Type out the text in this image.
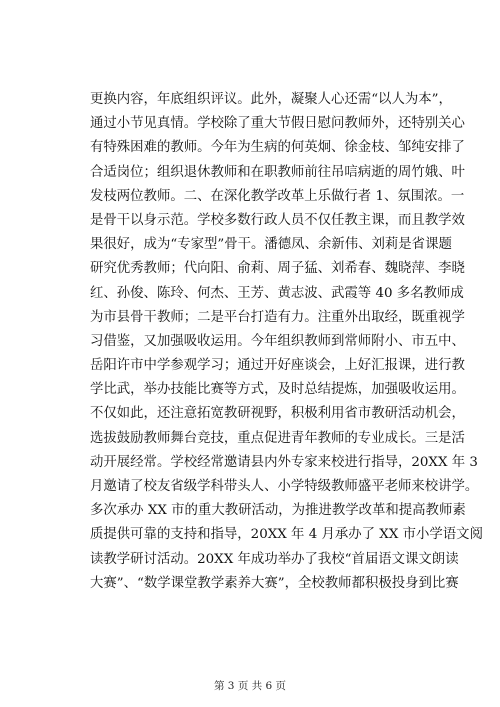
更换内容，年底组织评议。此外，凝聚人心还需“以人为本”，
通过小节见真情。学校除了重大节假日慰问教师外，还特别关心
有特殊困难的教师。今年为生病的何英炯、徐金枝、邹纯安排了
合适岗位；组织退休教师和在职教师前往吊唁病逝的周竹娥、叶
发枝两位教师。二、在深化教学改革上乐做行者 1、氛围浓。一
是骨干以身示范。学校多数行政人员不仅任教主课，而且教学效
果很好，成为“专家型”骨干。潘德凤、余新伟、刘莉是省课题
研究优秀教师；代向阳、俞莉、周子猛、刘希春、魏晓萍、李晓
红、孙俊、陈玲、何杰、王芳、黄志波、武霞等 40 多名教师成
为市县骨干教师；二是平台打造有力。注重外出取经，既重视学
习借鉴，又加强吸收运用。今年组织教师到常师附小、市五中、
岳阳许市中学参观学习；通过开好座谈会，上好汇报课，进行教
学比武，举办技能比赛等方式，及时总结提炼，加强吸收运用。
不仅如此，还注意拓宽教研视野，积极利用省市教研活动机会，
选拔鼓励教师舞台竞技，重点促进青年教师的专业成长。三是活
动开展经常。学校经常邀请县内外专家来校进行指导，20XX 年 3
月邀请了校友省级学科带头人、小学特级教师盛平老师来校讲学。
多次承办 XX 市的重大教研活动，为推进教学改革和提高教师素
质提供可靠的支持和指导，20XX 年 4 月承办了 XX 市小学语文阅
读教学研讨活动。20XX 年成功举办了我校“首届语文课文朗读
大赛”、“数学课堂教学素养大赛”，全校教师都积极投身到比赛
第 3 页 共 6 页
